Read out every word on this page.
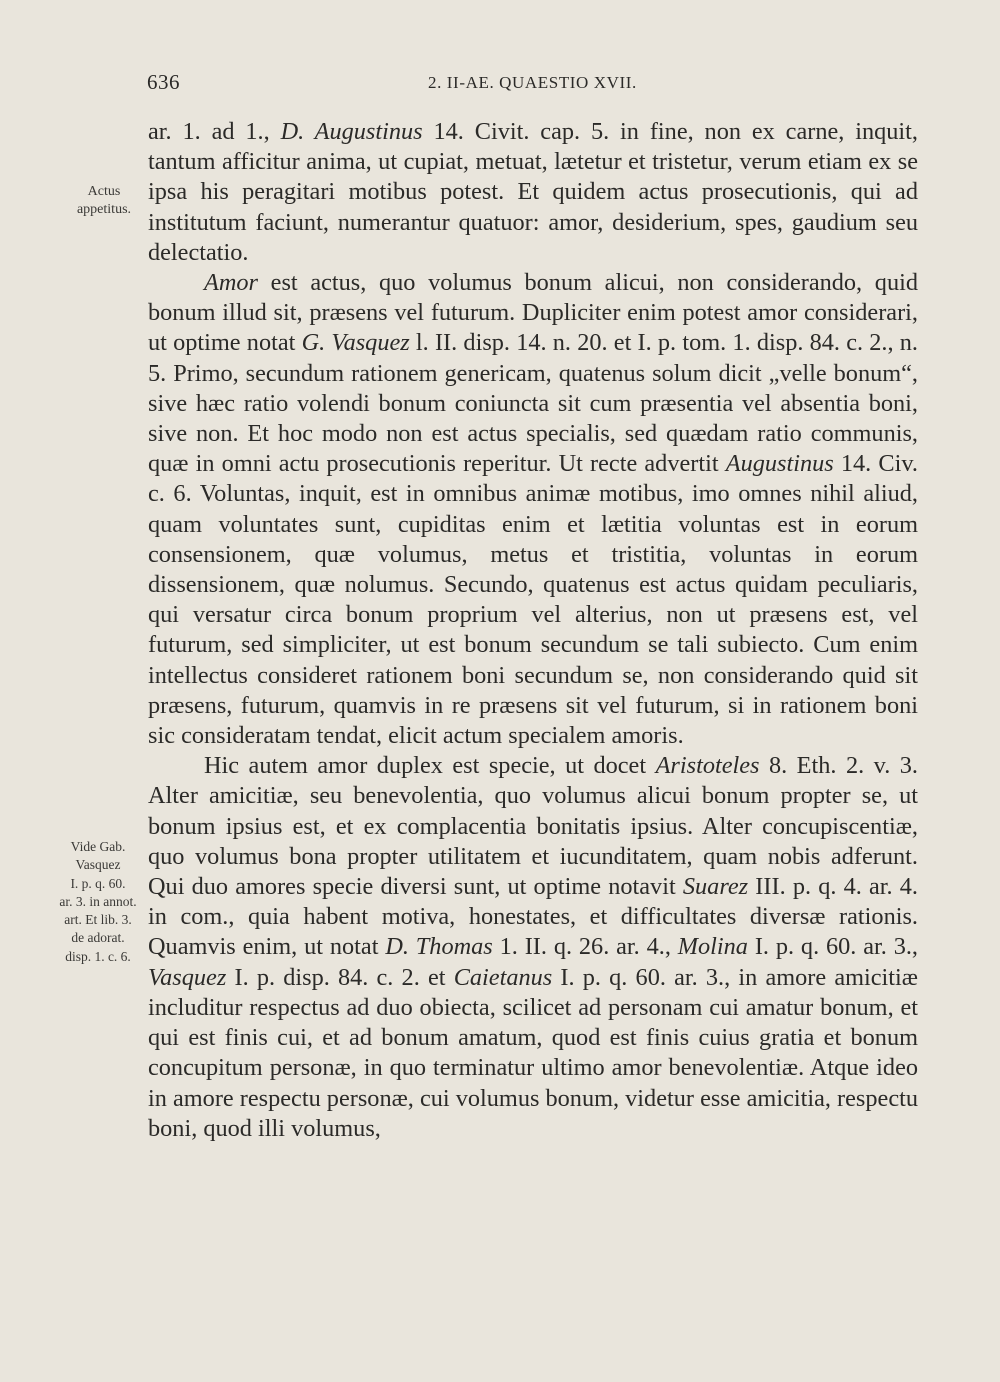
636	2. II-AE. QUAESTIO XVII.
Actus
appetitus.
Vide Gab.
Vasquez
I. p. q. 60.
ar. 3. in annot.
art. Et lib. 3.
de adorat.
disp. 1. c. 6.

ar. 1. ad 1., D. Augustinus 14. Civit. cap. 5. in fine, non ex carne, inquit, tantum afficitur anima, ut cupiat, metuat, lætetur et tristetur, verum etiam ex se ipsa his peragitari motibus potest. Et quidem actus prosecutionis, qui ad institutum faciunt, numerantur quatuor: amor, desiderium, spes, gaudium seu delectatio.

Amor est actus, quo volumus bonum alicui, non considerando, quid bonum illud sit, præsens vel futurum. Dupliciter enim potest amor considerari, ut optime notat G. Vasquez l. II. disp. 14. n. 20. et I. p. tom. 1. disp. 84. c. 2., n. 5. Primo, secundum rationem genericam, quatenus solum dicit „velle bonum“, sive hæc ratio volendi bonum coniuncta sit cum præsentia vel absentia boni, sive non. Et hoc modo non est actus specialis, sed quædam ratio communis, quæ in omni actu prosecutionis reperitur. Ut recte advertit Augustinus 14. Civ. c. 6. Voluntas, inquit, est in omnibus animæ motibus, imo omnes nihil aliud, quam voluntates sunt, cupiditas enim et lætitia voluntas est in eorum consensionem, quæ volumus, metus et tristitia, voluntas in eorum dissensionem, quæ nolumus. Secundo, quatenus est actus quidam peculiaris, qui versatur circa bonum proprium vel alterius, non ut præsens est, vel futurum, sed simpliciter, ut est bonum secundum se tali subiecto. Cum enim intellectus consideret rationem boni secundum se, non considerando quid sit præsens, futurum, quamvis in re præsens sit vel futurum, si in rationem boni sic consideratam tendat, elicit actum specialem amoris.

Hic autem amor duplex est specie, ut docet Aristoteles 8. Eth. 2. v. 3. Alter amicitiæ, seu benevolentia, quo volumus alicui bonum propter se, ut bonum ipsius est, et ex complacentia bonitatis ipsius. Alter concupiscentiæ, quo volumus bona propter utilitatem et iucunditatem, quam nobis adferunt. Qui duo amores specie diversi sunt, ut optime notavit Suarez III. p. q. 4. ar. 4. in com., quia habent motiva, honestates, et difficultates diversæ rationis. Quamvis enim, ut notat D. Thomas 1. II. q. 26. ar. 4., Molina I. p. q. 60. ar. 3., Vasquez I. p. disp. 84. c. 2. et Caietanus I. p. q. 60. ar. 3., in amore amicitiæ includitur respectus ad duo obiecta, scilicet ad personam cui amatur bonum, et qui est finis cui, et ad bonum amatum, quod est finis cuius gratia et bonum concupitum personæ, in quo terminatur ultimo amor benevolentiæ. Atque ideo in amore respectu personæ, cui volumus bonum, videtur esse amicitia, respectu boni, quod illi volumus,
